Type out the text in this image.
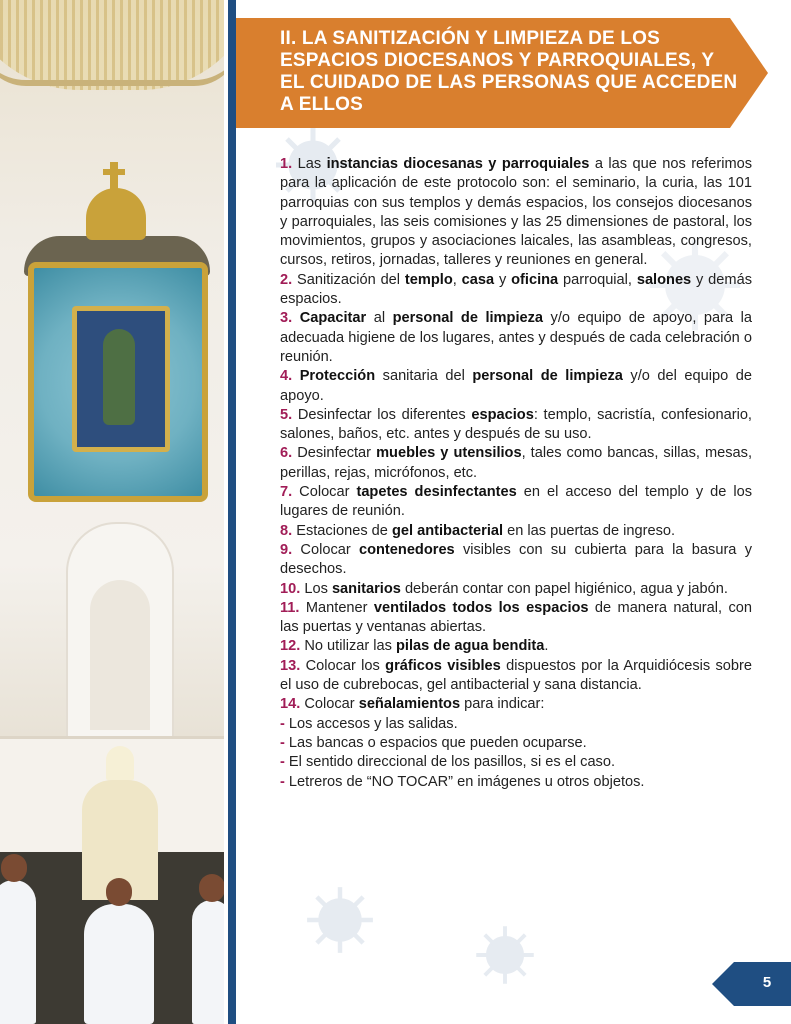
II. LA SANITIZACIÓN Y LIMPIEZA DE LOS ESPACIOS DIOCESANOS Y PARROQUIALES, Y EL CUIDADO DE LAS PERSONAS QUE ACCEDEN A ELLOS

1. Las instancias diocesanas y parroquiales a las que nos referimos para la aplicación de este protocolo son: el seminario, la curia, las 101 parroquias con sus templos y demás espacios, los consejos diocesanos y parroquiales, las seis comisiones y las 25 dimensiones de pastoral, los movimientos, grupos y asociaciones laicales, las asambleas, congresos, cursos, retiros, jornadas, talleres y reuniones en general.

2. Sanitización del templo, casa y oficina parroquial, salones y demás espacios.

3. Capacitar al personal de limpieza y/o equipo de apoyo, para la adecuada higiene de los lugares, antes y después de cada celebración o reunión.

4. Protección sanitaria del personal de limpieza y/o del equipo de apoyo.

5. Desinfectar los diferentes espacios: templo, sacristía, confesionario, salones, baños, etc. antes y después de su uso.

6. Desinfectar muebles y utensilios, tales como bancas, sillas, mesas, perillas, rejas, micrófonos, etc.

7. Colocar tapetes desinfectantes en el acceso del templo y de los lugares de reunión.

8. Estaciones de gel antibacterial en las puertas de ingreso.

9. Colocar contenedores visibles con su cubierta para la basura y desechos.

10. Los sanitarios deberán contar con papel higiénico, agua y jabón.

11. Mantener ventilados todos los espacios de manera natural, con las puertas y ventanas abiertas.

12. No utilizar las pilas de agua bendita.

13. Colocar los gráficos visibles dispuestos por la Arquidiócesis sobre el uso de cubrebocas, gel antibacterial y sana distancia.

14. Colocar señalamientos para indicar:

- Los accesos y las salidas.

- Las bancas o espacios que pueden ocuparse.

- El sentido direccional de los pasillos, si es el caso.

- Letreros de “NO TOCAR” en imágenes u otros objetos.

5
